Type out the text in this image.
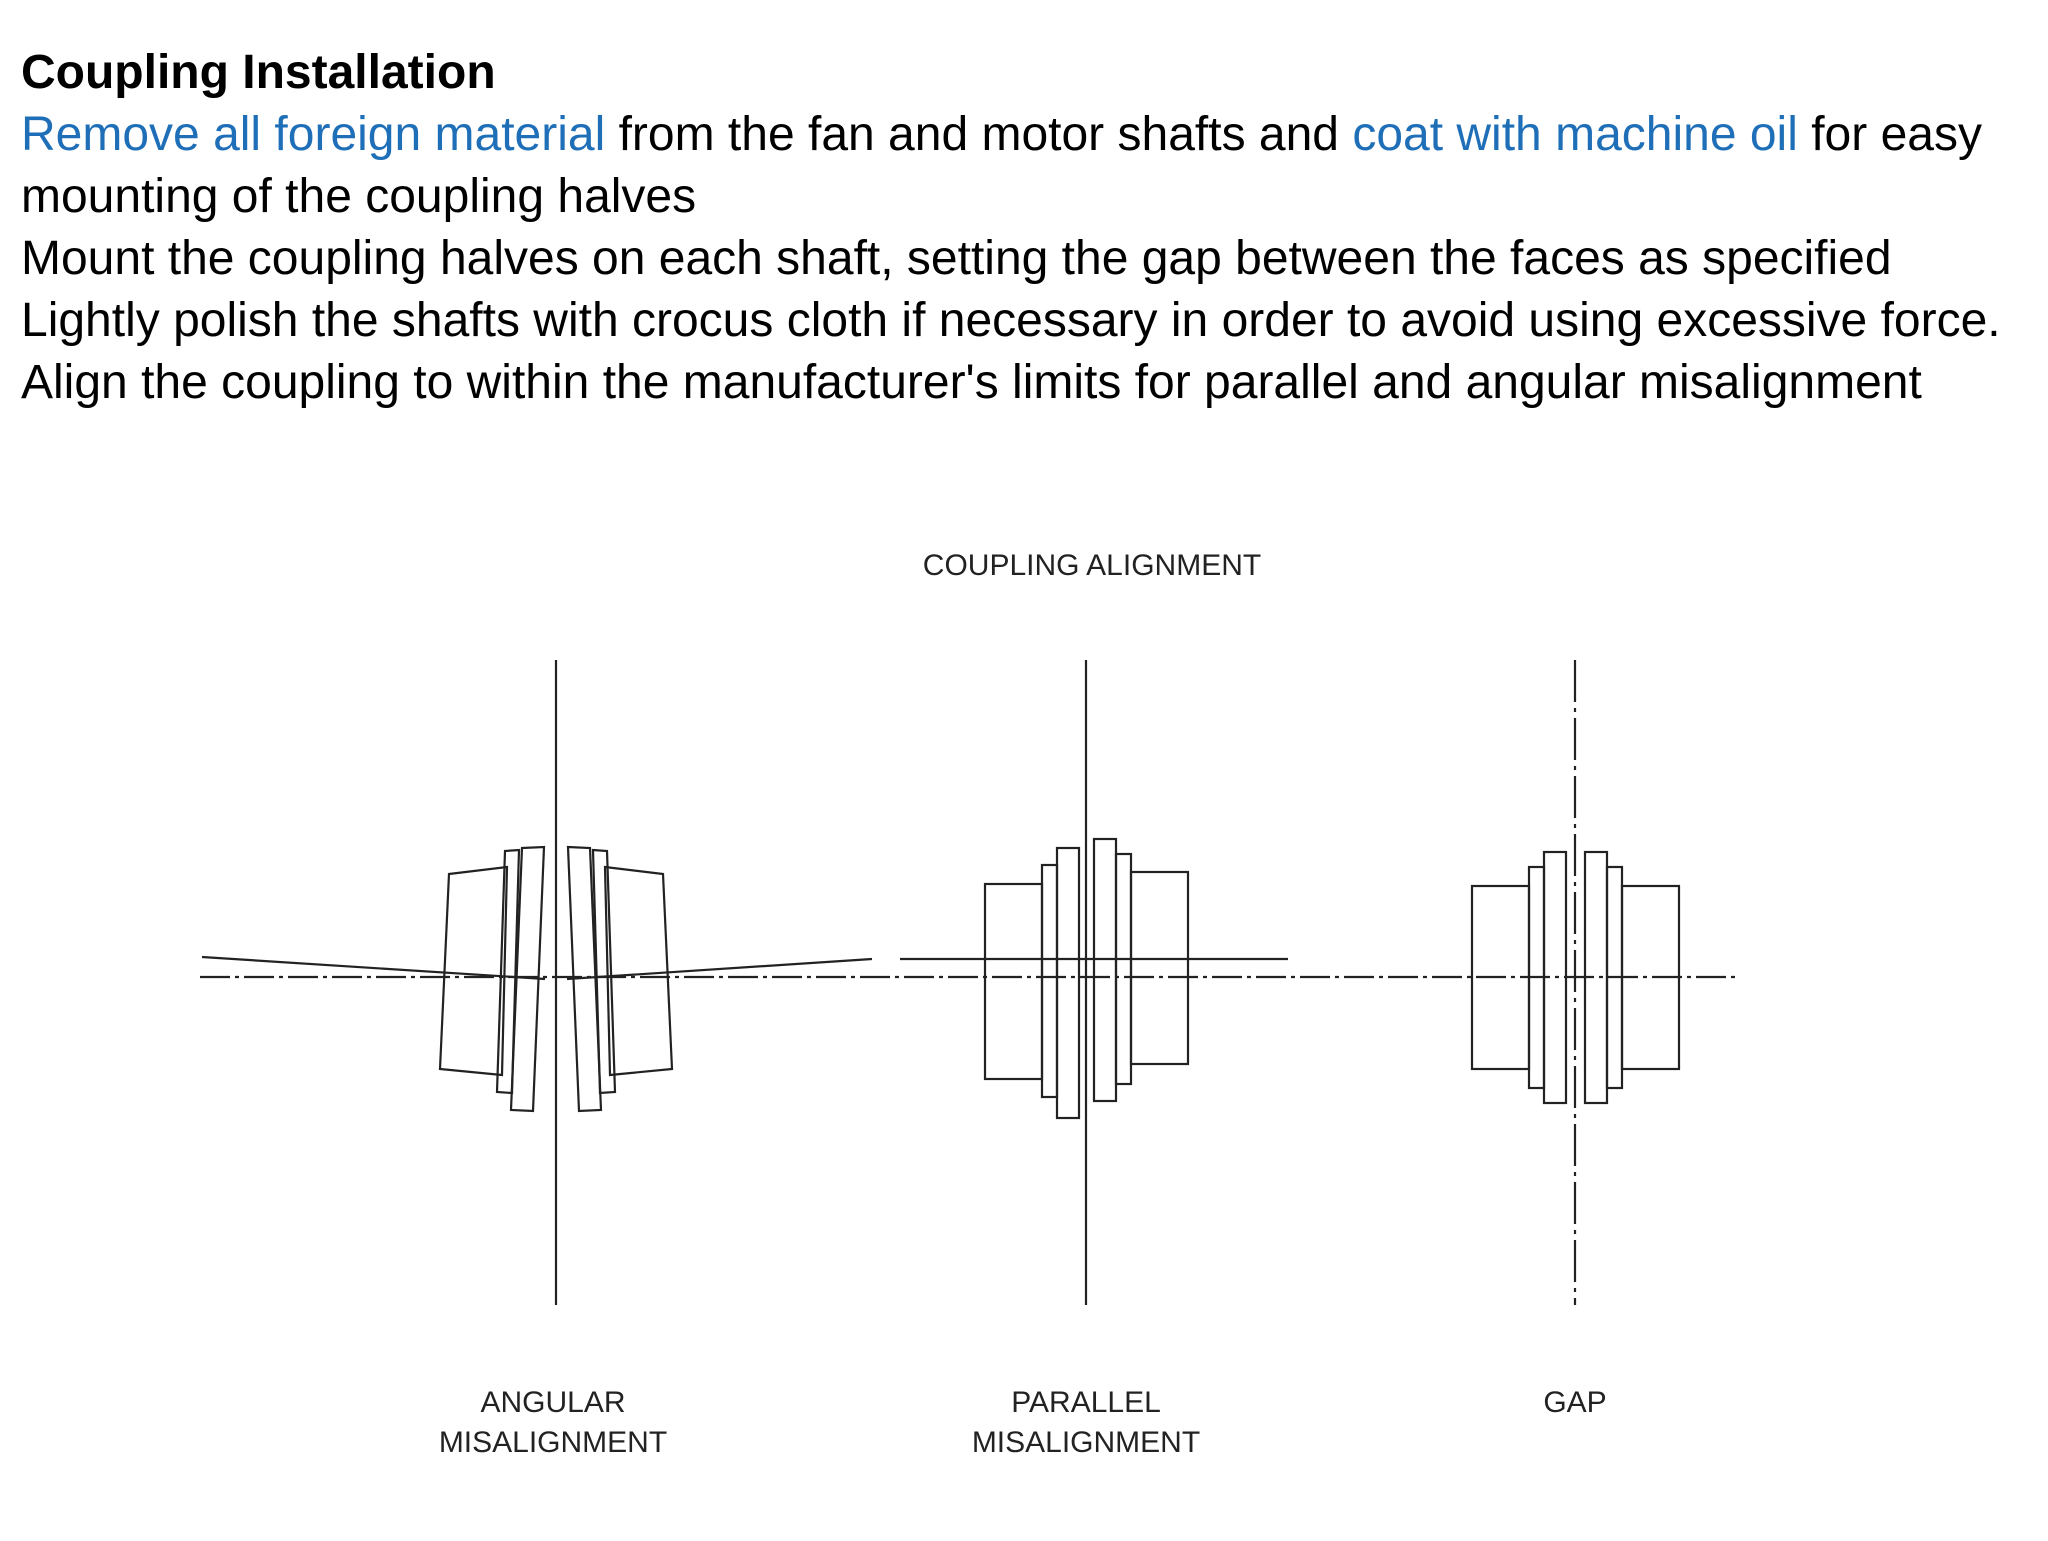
Coupling Installation

Remove all foreign material from the fan and motor shafts and coat with machine oil for easy mounting of the coupling halves

Mount the coupling halves on each shaft, setting the gap between the faces as specified

Lightly polish the shafts with crocus cloth if necessary in order to avoid using excessive force.

Align the coupling to within the manufacturer's limits for parallel and angular misalignment

COUPLING ALIGNMENT
ANGULAR
MISALIGNMENT
PARALLEL
MISALIGNMENT
GAP
